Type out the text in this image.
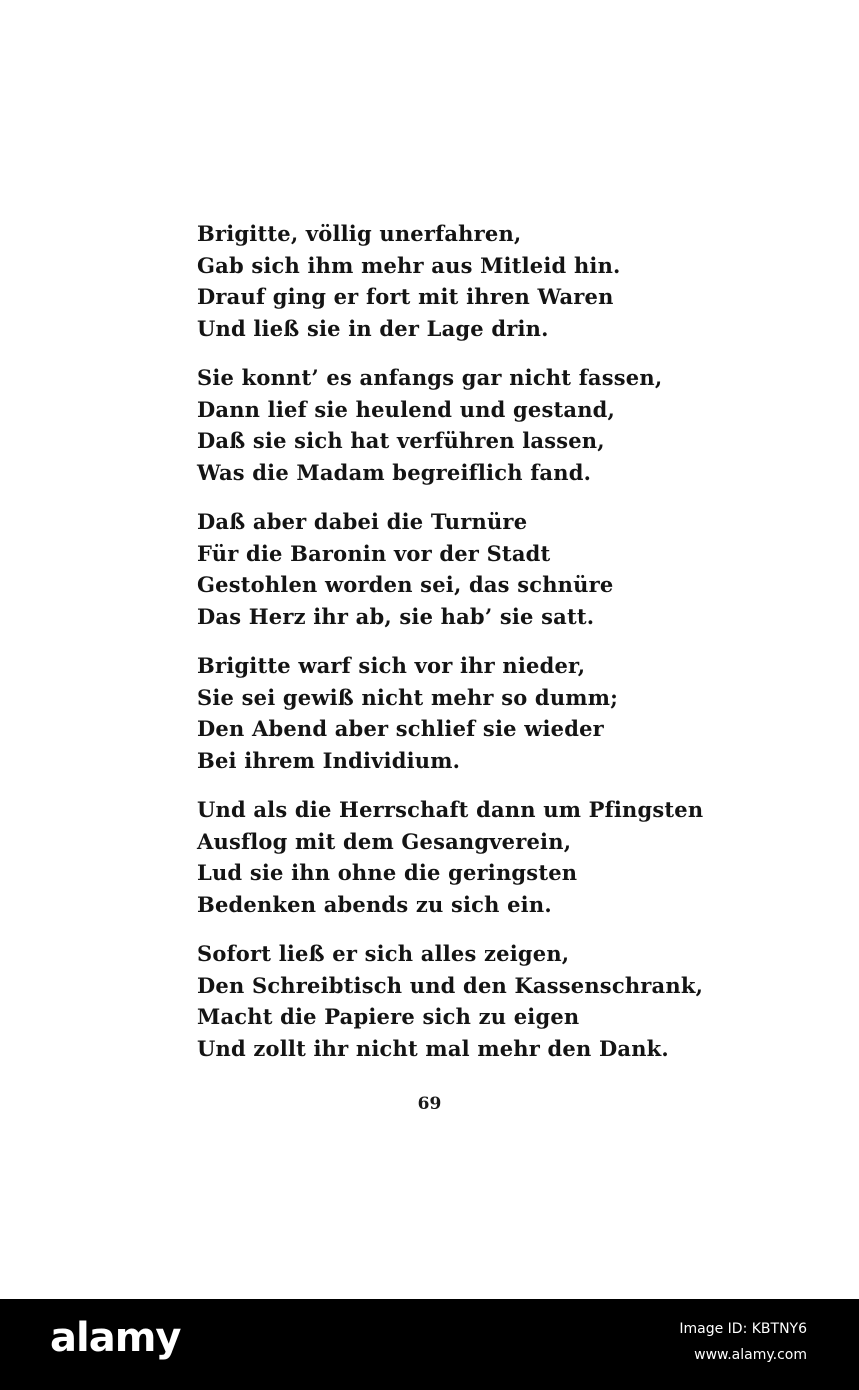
Brigitte, völlig unerfahren,
Gab sich ihm mehr aus Mitleid hin.
Drauf ging er fort mit ihren Waren
Und ließ sie in der Lage drin.
Sie konnt’ es anfangs gar nicht fassen,
Dann lief sie heulend und gestand,
Daß sie sich hat verführen lassen,
Was die Madam begreiflich fand.
Daß aber dabei die Turnüre
Für die Baronin vor der Stadt
Gestohlen worden sei, das schnüre
Das Herz ihr ab, sie hab’ sie satt.
Brigitte warf sich vor ihr nieder,
Sie sei gewiß nicht mehr so dumm;
Den Abend aber schlief sie wieder
Bei ihrem Individium.
Und als die Herrschaft dann um Pfingsten
Ausflog mit dem Gesangverein,
Lud sie ihn ohne die geringsten
Bedenken abends zu sich ein.
Sofort ließ er sich alles zeigen,
Den Schreibtisch und den Kassenschrank,
Macht die Papiere sich zu eigen
Und zollt ihr nicht mal mehr den Dank.
69
alamy	Image ID: KBTNY6
www.alamy.com
